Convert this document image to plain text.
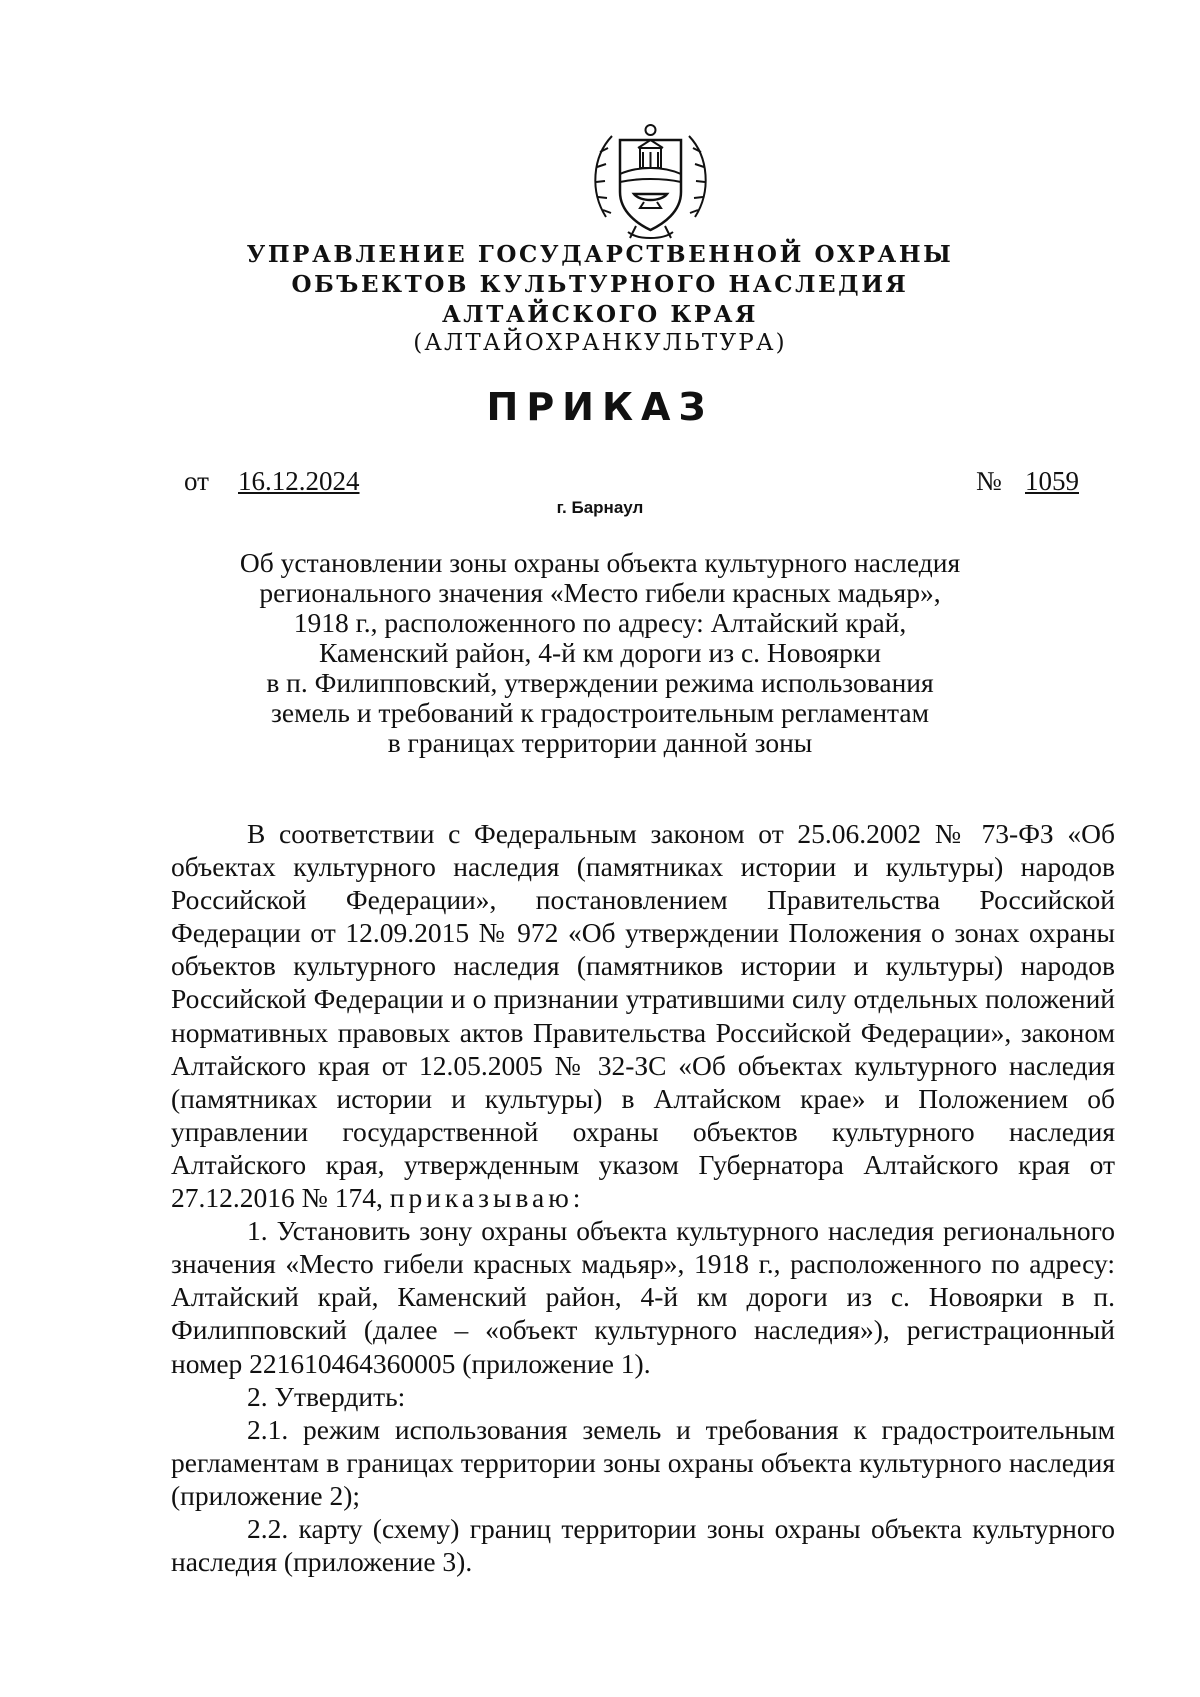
УПРАВЛЕНИЕ ГОСУДАРСТВЕННОЙ ОХРАНЫ
ОБЪЕКТОВ КУЛЬТУРНОГО НАСЛЕДИЯ
АЛТАЙСКОГО КРАЯ
(АЛТАЙОХРАНКУЛЬТУРА)
ПРИКАЗ
от 16.12.2024	№ 1059
г. Барнаул
Об установлении зоны охраны объекта культурного наследия
регионального значения «Место гибели красных мадьяр»,
1918 г., расположенного по адресу: Алтайский край,
Каменский район, 4-й км дороги из с. Новоярки
в п. Филипповский, утверждении режима использования
земель и требований к градостроительным регламентам
в границах территории данной зоны

В соответствии с Федеральным законом от 25.06.2002 № 73-ФЗ «Об объектах культурного наследия (памятниках истории и культуры) народов Российской Федерации», постановлением Правительства Российской Федерации от 12.09.2015 № 972 «Об утверждении Положения о зонах охраны объектов культурного наследия (памятников истории и культуры) народов Российской Федерации и о признании утратившими силу отдельных положений нормативных правовых актов Правительства Российской Федерации», законом Алтайского края от 12.05.2005 № 32-ЗС «Об объектах культурного наследия (памятниках истории и культуры) в Алтайском крае» и Положением об управлении государственной охраны объектов культурного наследия Алтайского края, утвержденным указом Губернатора Алтайского края от 27.12.2016 № 174, приказываю:

1. Установить зону охраны объекта культурного наследия регионального значения «Место гибели красных мадьяр», 1918 г., расположенного по адресу: Алтайский край, Каменский район, 4-й км дороги из с. Новоярки в п. Филипповский (далее – «объект культурного наследия»), регистрационный номер 221610464360005 (приложение 1).

2. Утвердить:

2.1. режим использования земель и требования к градостроительным регламентам в границах территории зоны охраны объекта культурного наследия (приложение 2);

2.2. карту (схему) границ территории зоны охраны объекта культурного наследия (приложение 3).
